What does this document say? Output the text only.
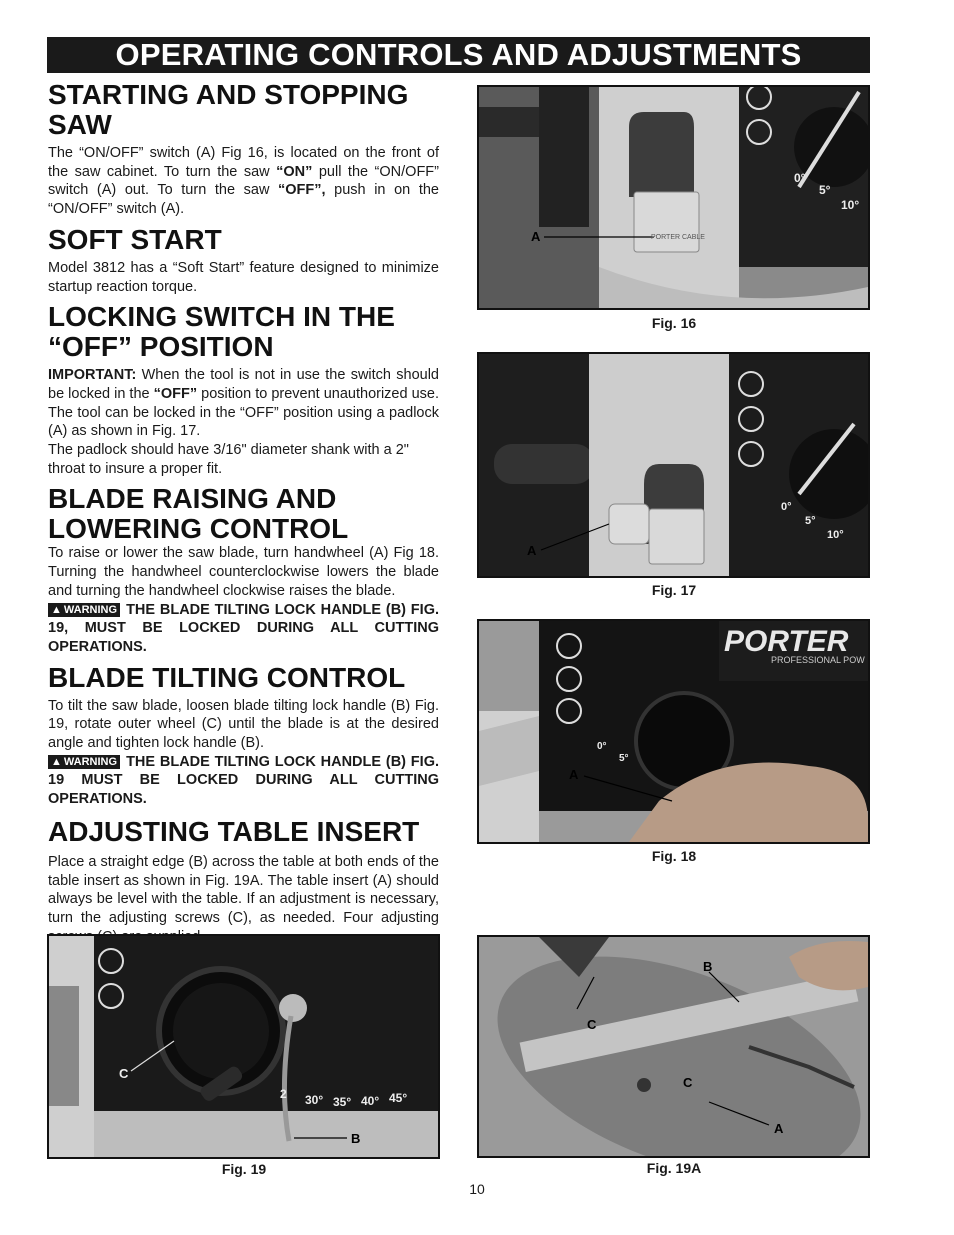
OPERATING CONTROLS AND ADJUSTMENTS
STARTING AND STOPPING
SAW

The “ON/OFF” switch (A) Fig 16, is located on the front of the saw cabinet. To turn the saw “ON” pull the “ON/OFF” switch (A) out. To turn the saw “OFF”, push in on the “ON/OFF” switch (A).

SOFT START

Model 3812 has a “Soft Start” feature designed to minimize startup reaction torque.

LOCKING SWITCH IN THE
“OFF” POSITION

IMPORTANT: When the tool is not in use the switch should be locked in the “OFF” position to prevent unauthorized use. The tool can be locked in the “OFF” position using a padlock (A) as shown in Fig. 17.

The padlock should have 3/16" diameter shank with a 2" throat to insure a proper fit.

BLADE RAISING AND
LOWERING CONTROL

To raise or lower the saw blade, turn handwheel (A) Fig 18. Turning the handwheel counterclockwise lowers the blade and turning the handwheel clockwise raises the blade.

▲ WARNING THE BLADE TILTING LOCK HANDLE (B) FIG. 19, MUST BE LOCKED DURING ALL CUTTING OPERATIONS.

BLADE TILTING CONTROL

To tilt the saw blade, loosen blade tilting lock handle (B) Fig. 19, rotate outer wheel (C) until the blade is at the desired angle and tighten lock handle (B).

▲ WARNING THE BLADE TILTING LOCK HANDLE (B) FIG. 19 MUST BE LOCKED DURING ALL CUTTING OPERATIONS.

ADJUSTING TABLE INSERT

Place a straight edge (B) across the table at both ends of the table insert as shown in Fig. 19A. The table insert (A) should always be level with the table. If an adjustment is necessary, turn the adjusting screws (C), as needed. Four adjusting

A	PORTER CABLE
0°
5°
10°
Fig. 16
A
0°
5°
10°
Fig. 17
PORTER
PROFESSIONAL POW
A
0°
5°
Fig. 18
C
B
2 30° 35° 40° 45°
Fig. 19
C
C
B
A
Fig. 19A
10
